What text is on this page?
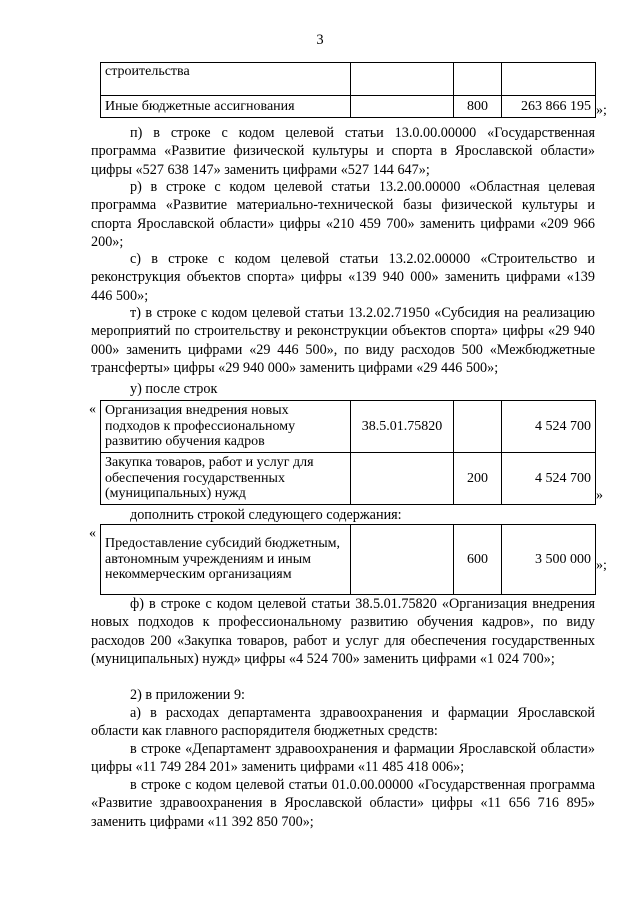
3
строительства			
Иные бюджетные ассигнования		800	263 866 195 »;
п) в строке с кодом целевой статьи 13.0.00.00000 «Государственная программа «Развитие физической культуры и спорта в Ярославской области» цифры «527 638 147» заменить цифрами «527 144 647»;
р) в строке с кодом целевой статьи 13.2.00.00000 «Областная целевая программа «Развитие материально-технической базы физической культуры и спорта Ярославской области» цифры «210 459 700» заменить цифрами «209 966 200»;
с) в строке с кодом целевой статьи 13.2.02.00000 «Строительство и реконструкция объектов спорта» цифры «139 940 000» заменить цифрами «139 446 500»;
т) в строке с кодом целевой статьи 13.2.02.71950 «Субсидия на реализацию мероприятий по строительству и реконструкции объектов спорта» цифры «29 940 000» заменить цифрами «29 446 500», по виду расходов 500 «Межбюджетные трансферты» цифры «29 940 000» заменить цифрами «29 446 500»;
у) после строк
« Организация внедрения новых подходов к профессиональному развитию обучения кадров	38.5.01.75820		4 524 700
Закупка товаров, работ и услуг для обеспечения государственных (муниципальных) нужд		200	4 524 700
»
дополнить строкой следующего содержания:
«
Предоставление субсидий бюджетным, автономным учреждениям и иным некоммерческим организациям		600	3 500 000 »;
ф) в строке с кодом целевой статьи 38.5.01.75820 «Организация внедрения новых подходов к профессиональному развитию обучения кадров», по виду расходов 200 «Закупка товаров, работ и услуг для обеспечения государственных (муниципальных) нужд» цифры «4 524 700» заменить цифрами «1 024 700»;
2) в приложении 9:
а) в расходах департамента здравоохранения и фармации Ярославской области как главного распорядителя бюджетных средств:
в строке «Департамент здравоохранения и фармации Ярославской области» цифры «11 749 284 201» заменить цифрами «11 485 418 006»;
в строке с кодом целевой статьи 01.0.00.00000 «Государственная программа «Развитие здравоохранения в Ярославской области» цифры «11 656 716 895» заменить цифрами «11 392 850 700»;
